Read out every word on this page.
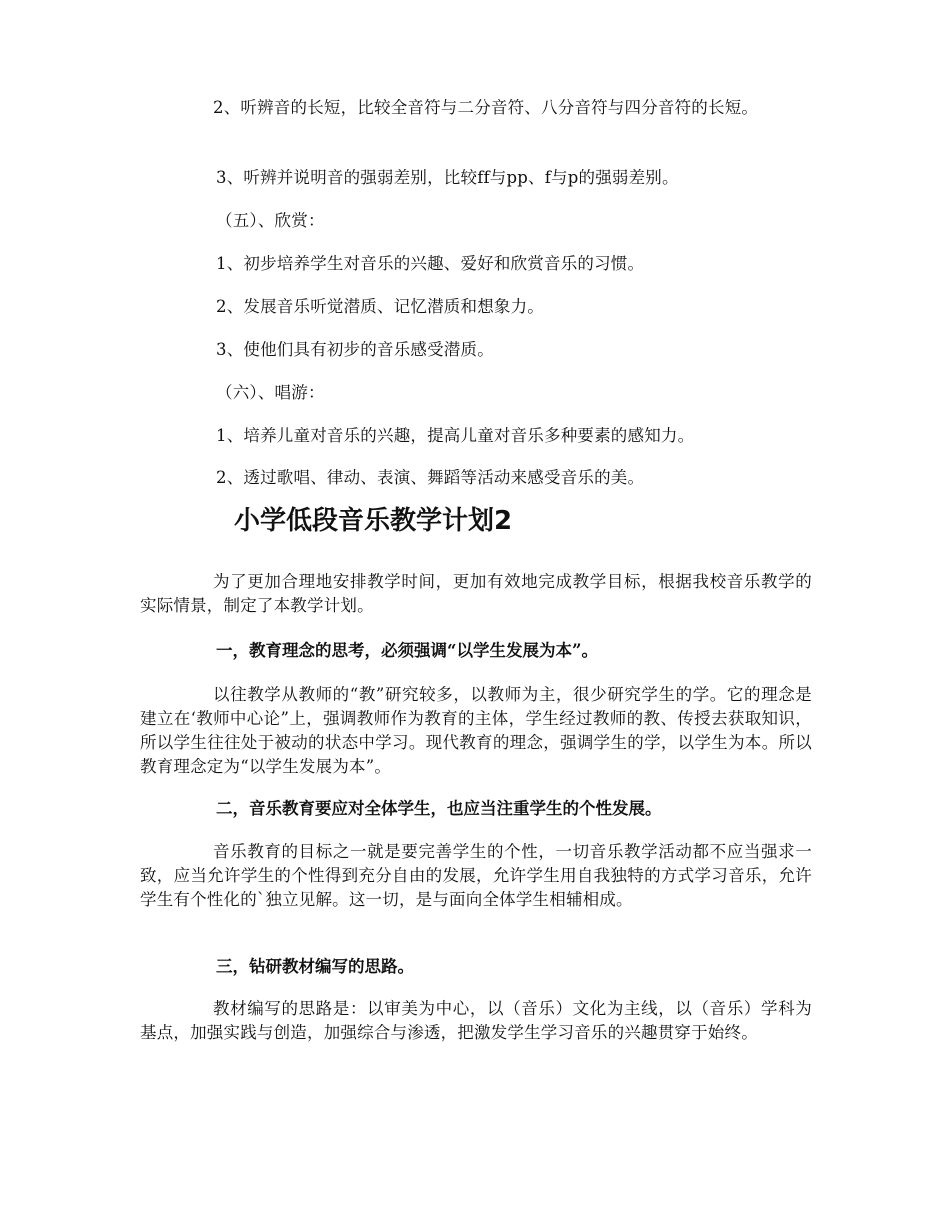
2、听辨音的长短，比较全音符与二分音符、八分音符与四分音符的长短。

3、听辨并说明音的强弱差别，比较ff与pp、f与p的强弱差别。

（五）、欣赏：

1、初步培养学生对音乐的兴趣、爱好和欣赏音乐的习惯。

2、发展音乐听觉潜质、记忆潜质和想象力。

3、使他们具有初步的音乐感受潜质。

（六）、唱游：

1、培养儿童对音乐的兴趣，提高儿童对音乐多种要素的感知力。

2、透过歌唱、律动、表演、舞蹈等活动来感受音乐的美。

小学低段音乐教学计划2

为了更加合理地安排教学时间，更加有效地完成教学目标，根据我校音乐教学的实际情景，制定了本教学计划。

一，教育理念的思考，必须强调“以学生发展为本”。

以往教学从教师的“教”研究较多，以教师为主，很少研究学生的学。它的理念是建立在‘教师中心论”上，强调教师作为教育的主体，学生经过教师的教、传授去获取知识，所以学生往往处于被动的状态中学习。现代教育的理念，强调学生的学，以学生为本。所以教育理念定为“以学生发展为本”。

二，音乐教育要应对全体学生，也应当注重学生的个性发展。

音乐教育的目标之一就是要完善学生的个性，一切音乐教学活动都不应当强求一致，应当允许学生的个性得到充分自由的发展，允许学生用自我独特的方式学习音乐，允许学生有个性化的`独立见解。这一切，是与面向全体学生相辅相成。

三，钻研教材编写的思路。

教材编写的思路是：以审美为中心，以（音乐）文化为主线，以（音乐）学科为基点，加强实践与创造，加强综合与渗透，把激发学生学习音乐的兴趣贯穿于始终。
